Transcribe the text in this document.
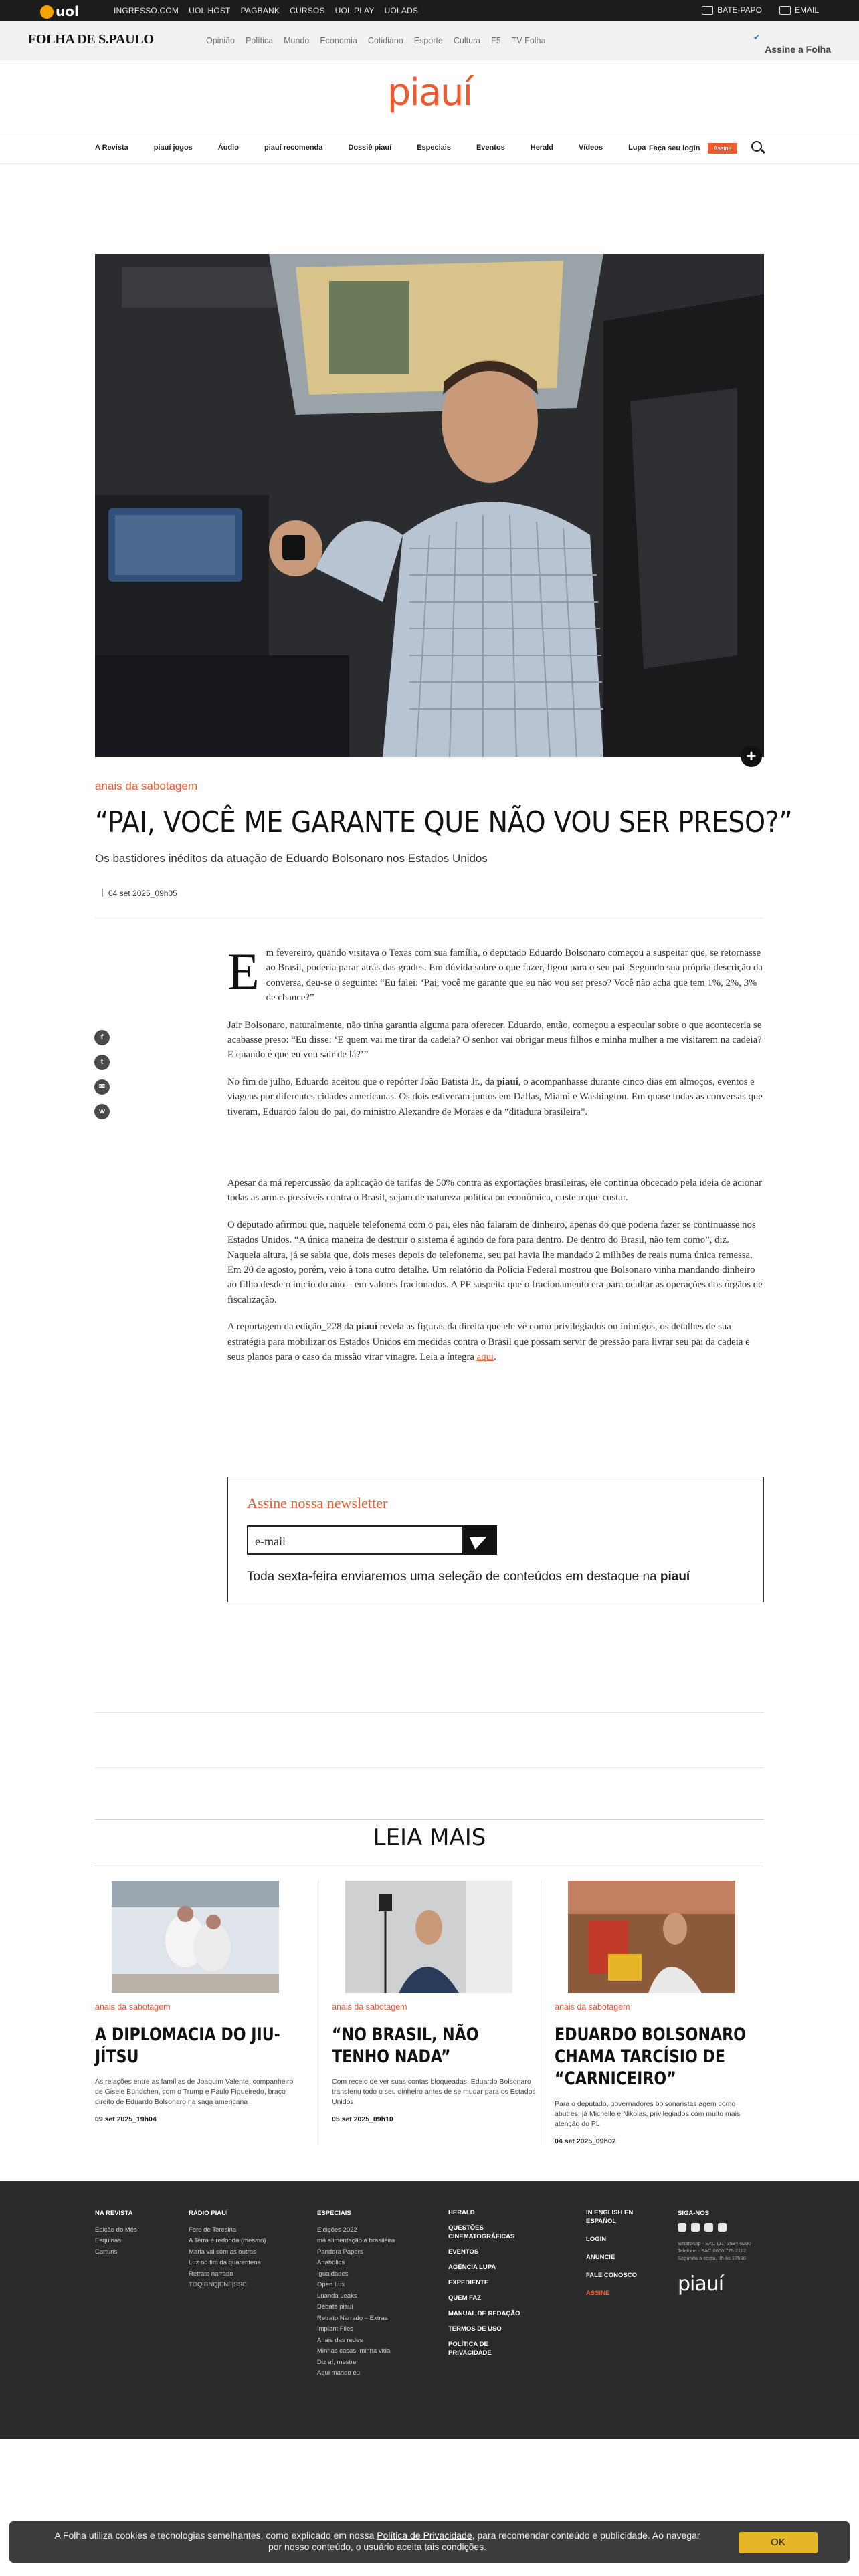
uol	INGRESSO.COM UOL HOST PAGBANK CURSOS UOL PLAY UOLADS	BATE-PAPO	EMAIL
FOLHA DE S.PAULO	Opinião Política Mundo Economia Cotidiano Esporte Cultura F5 TV Folha	✔
Assine a Folha
piauí
A Revista	piauí jogos	Áudio	piauí recomenda	Dossiê piauí	Especiais	Eventos	Herald	Vídeos	Lupa Faça seu login	Assine
+
anais da sabotagem
“PAI, VOCÊ ME GARANTE QUE NÃO VOU SER PRESO?”
Os bastidores inéditos da atuação de Eduardo Bolsonaro nos Estados Unidos
04 set 2025_09h05
f
t
✉
w

Em fevereiro, quando visitava o Texas com sua família, o deputado Eduardo Bolsonaro começou a suspeitar que, se retornasse ao Brasil, poderia parar atrás das grades. Em dúvida sobre o que fazer, ligou para o seu pai. Segundo sua própria descrição da conversa, deu-se o seguinte: “Eu falei: ‘Pai, você me garante que eu não vou ser preso? Você não acha que tem 1%, 2%, 3% de chance?”

Jair Bolsonaro, naturalmente, não tinha garantia alguma para oferecer. Eduardo, então, começou a especular sobre o que aconteceria se acabasse preso: “Eu disse: ‘E quem vai me tirar da cadeia? O senhor vai obrigar meus filhos e minha mulher a me visitarem na cadeia? E quando é que eu vou sair de lá?’”

No fim de julho, Eduardo aceitou que o repórter João Batista Jr., da piauí, o acompanhasse durante cinco dias em almoços, eventos e viagens por diferentes cidades americanas. Os dois estiveram juntos em Dallas, Miami e Washington. Em quase todas as conversas que tiveram, Eduardo falou do pai, do ministro Alexandre de Moraes e da “ditadura brasileira”.

Apesar da má repercussão da aplicação de tarifas de 50% contra as exportações brasileiras, ele continua obcecado pela ideia de acionar todas as armas possíveis contra o Brasil, sejam de natureza política ou econômica, custe o que custar.

O deputado afirmou que, naquele telefonema com o pai, eles não falaram de dinheiro, apenas do que poderia fazer se continuasse nos Estados Unidos. “A única maneira de destruir o sistema é agindo de fora para dentro. De dentro do Brasil, não tem como”, diz. Naquela altura, já se sabia que, dois meses depois do telefonema, seu pai havia lhe mandado 2 milhões de reais numa única remessa. Em 20 de agosto, porém, veio à tona outro detalhe. Um relatório da Polícia Federal mostrou que Bolsonaro vinha mandando dinheiro ao filho desde o início do ano – em valores fracionados. A PF suspeita que o fracionamento era para ocultar as operações dos órgãos de fiscalização.

A reportagem da edição_228 da piauí revela as figuras da direita que ele vê como privilegiados ou inimigos, os detalhes de sua estratégia para mobilizar os Estados Unidos em medidas contra o Brasil que possam servir de pressão para livrar seu pai da cadeia e seus planos para o caso da missão virar vinagre. Leia a íntegra aqui.

Assine nossa newsletter
e-mail
Toda sexta-feira enviaremos uma seleção de conteúdos em destaque na piauí
LEIA MAIS
anais da sabotagem
A DIPLOMACIA DO JIU-JÍTSU
As relações entre as famílias de Joaquim Valente, companheiro de Gisele Bündchen, com o Trump e Paulo Figueiredo, braço direito de Eduardo Bolsonaro na saga americana
09 set 2025_19h04
anais da sabotagem
“NO BRASIL, NÃO TENHO NADA”
Com receio de ver suas contas bloqueadas, Eduardo Bolsonaro transferiu todo o seu dinheiro antes de se mudar para os Estados Unidos
05 set 2025_09h10
anais da sabotagem
EDUARDO BOLSONARO CHAMA TARCÍSIO DE “CARNICEIRO”
Para o deputado, governadores bolsonaristas agem como abutres; já Michelle e Nikolas, privilegiados com muito mais atenção do PL
04 set 2025_09h02
NA REVISTA
Edição do Mês
Esquinas
Cartuns
RÁDIO PIAUÍ
Foro de Teresina
A Terra é redonda (mesmo)
Maria vai com as outras
Luz no fim da quarentena
Retrato narrado
TOQ|BNQ|ENF|SSC
ESPECIAIS
Eleições 2022
má alimentação à brasileira
Pandora Papers
Anabolics
Igualdades
Open Lux
Luanda Leaks
Debate piauí
Retrato Narrado – Extras
Implant Files
Anais das redes
Minhas casas, minha vida
Diz aí, mestre
Aqui mando eu
HERALD
QUESTÕES CINEMATOGRÁFICAS
EVENTOS
AGÊNCIA LUPA
EXPEDIENTE
QUEM FAZ
MANUAL DE REDAÇÃO
TERMOS DE USO
POLÍTICA DE PRIVACIDADE
IN ENGLISH EN ESPAÑOL
LOGIN
ANUNCIE
FALE CONOSCO
ASSINE
SIGA-NOS
WhatsApp - SAC (11) 3584-9200
Telefone - SAC 0800 775 2112
Segunda a sexta, 9h às 17h30
piauí
A Folha utiliza cookies e tecnologias semelhantes, como explicado em nossa Política de Privacidade, para recomendar conteúdo e publicidade. Ao navegar por nosso conteúdo, o usuário aceita tais condições.	OK
